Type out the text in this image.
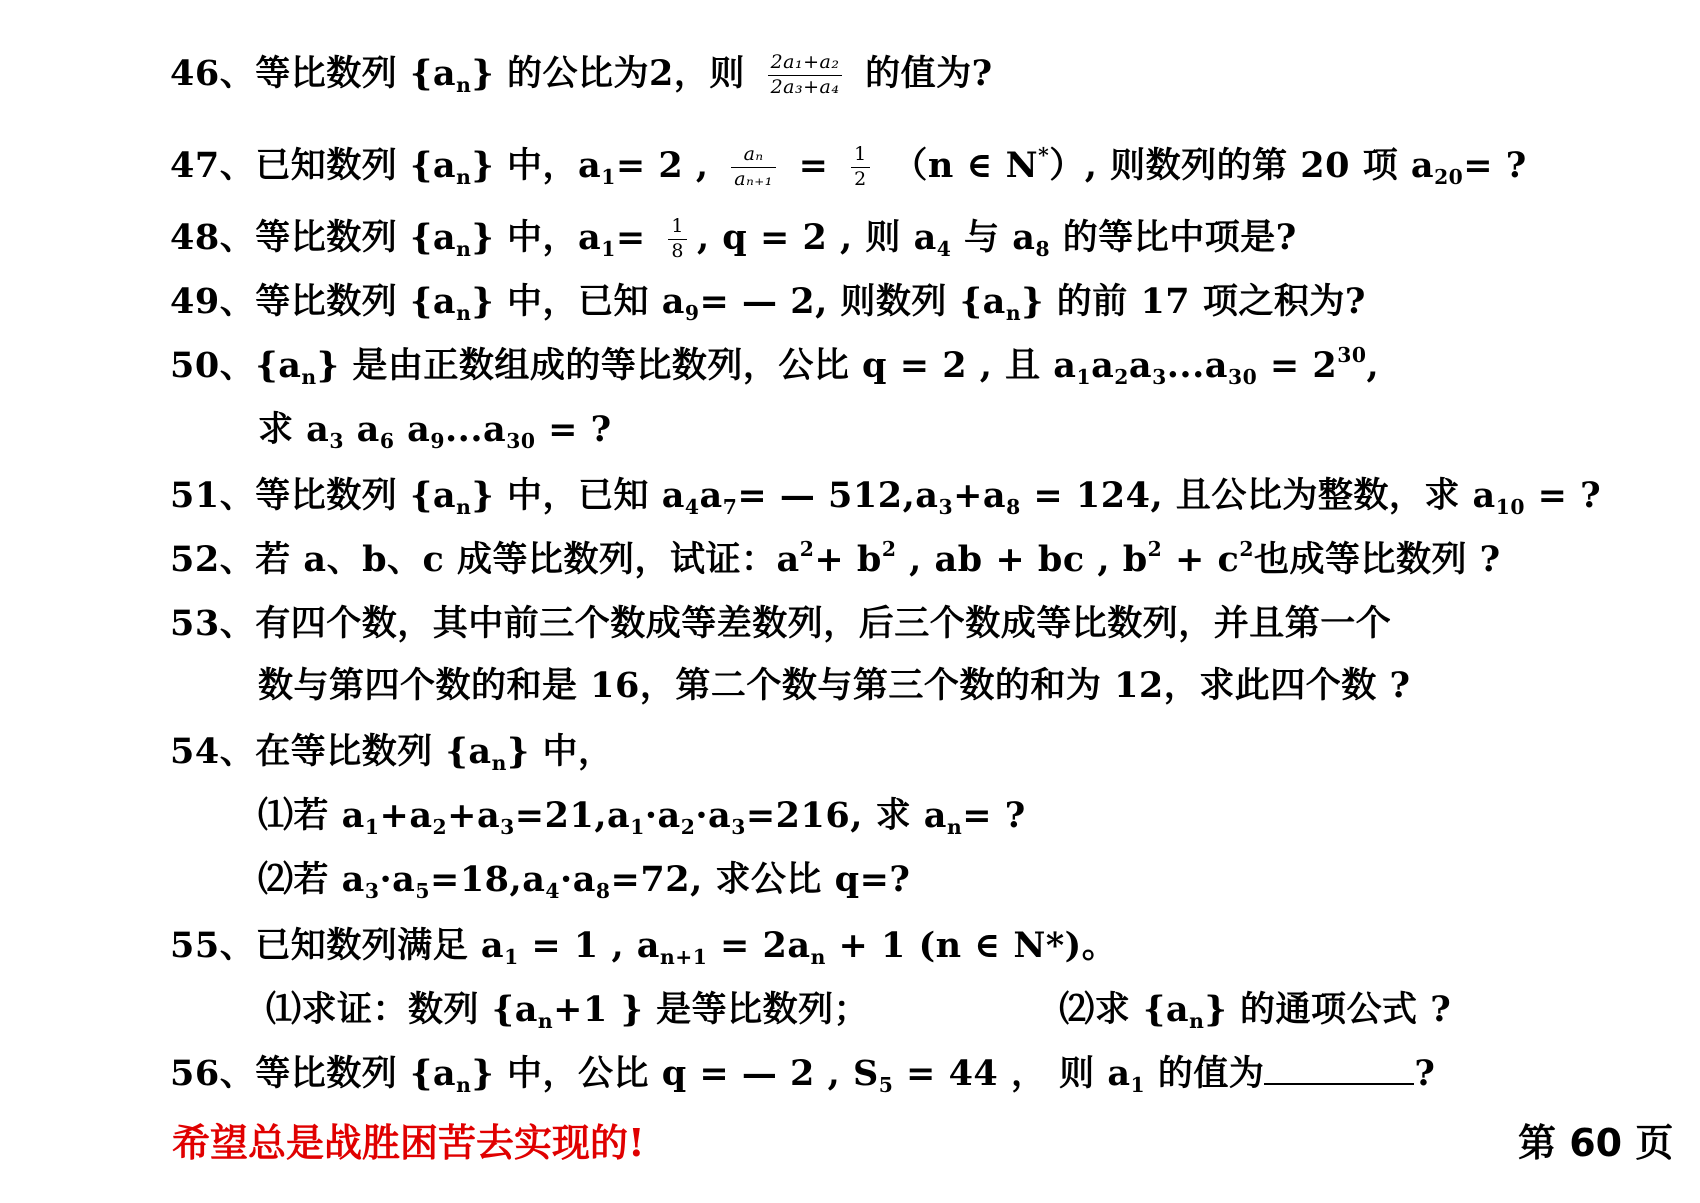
46、等比数列 $\{a_n\}$ 的公比为2，则 $\frac{\text{2a₁+a₂}}{\text{2a₃+a₄}}$ 的值为?
47、已知数列 $\{a_n\}$ 中，$a_1= 2$ , $\frac{\text{aₙ}}{\text{aₙ₊₁}} = \frac{1}{2} (n$ ∈ N*）, 则数列的第 20 项 $a_{20}=$ ?
48、等比数列 $\{a_n\}$ 中，$a_1= \frac{1}{8}$ , q = 2 , 则 $a_4$ 与 $a_8$ 的等比中项是?
49、等比数列 $\{a_n\}$ 中，已知 $a_9=$ — 2, 则数列 $\{a_n\}$ 的前 17 项之积为?
50、$\{a_n\}$ 是由正数组成的等比数列，公比 q = 2 , 且 $a_1a_2a_3...a_{30} = 2^{30}$,
求 $a_3$ $a_6$ $a_9...a_{30}$ = ?
51、等比数列 $\{a_n\}$ 中，已知 $a_4a_7=$ — $512,a_3+a_8 = 124$, 且公比为整数，求 $a_{10}$ = ?
52、若 a、b、c 成等比数列，试证：$a^2+ b^2$ , ab + bc , $b^2 + c^2$也成等比数列 ?
53、有四个数，其中前三个数成等差数列，后三个数成等比数列，并且第一个
数与第四个数的和是 16，第二个数与第三个数的和为 12，求此四个数 ?
54、在等比数列 $\{a_n\}$ 中，
⑴若 $a_1+a_2+a_3=21,a_1\cdot a_2\cdot a_3=216$, 求 $a_n=$ ?
⑵若 $a_3\cdot a_5=18,a_4\cdot a_8=72$, 求公比 q=?
55、已知数列满足 $a_1 = 1$ , $a_{n+1} = 2a_n + 1$ (n ∈ N*)。
⑴求证：数列 {$a_n+1$ } 是等比数列；	⑵求 $\{a_n\}$ 的通项公式 ?
56、等比数列 $\{a_n\}$ 中，公比 q = — 2 , $S_5 = 44$ ， 则 $a_1$ 的值为	?
希望总是战胜困苦去实现的!	第 60 页
